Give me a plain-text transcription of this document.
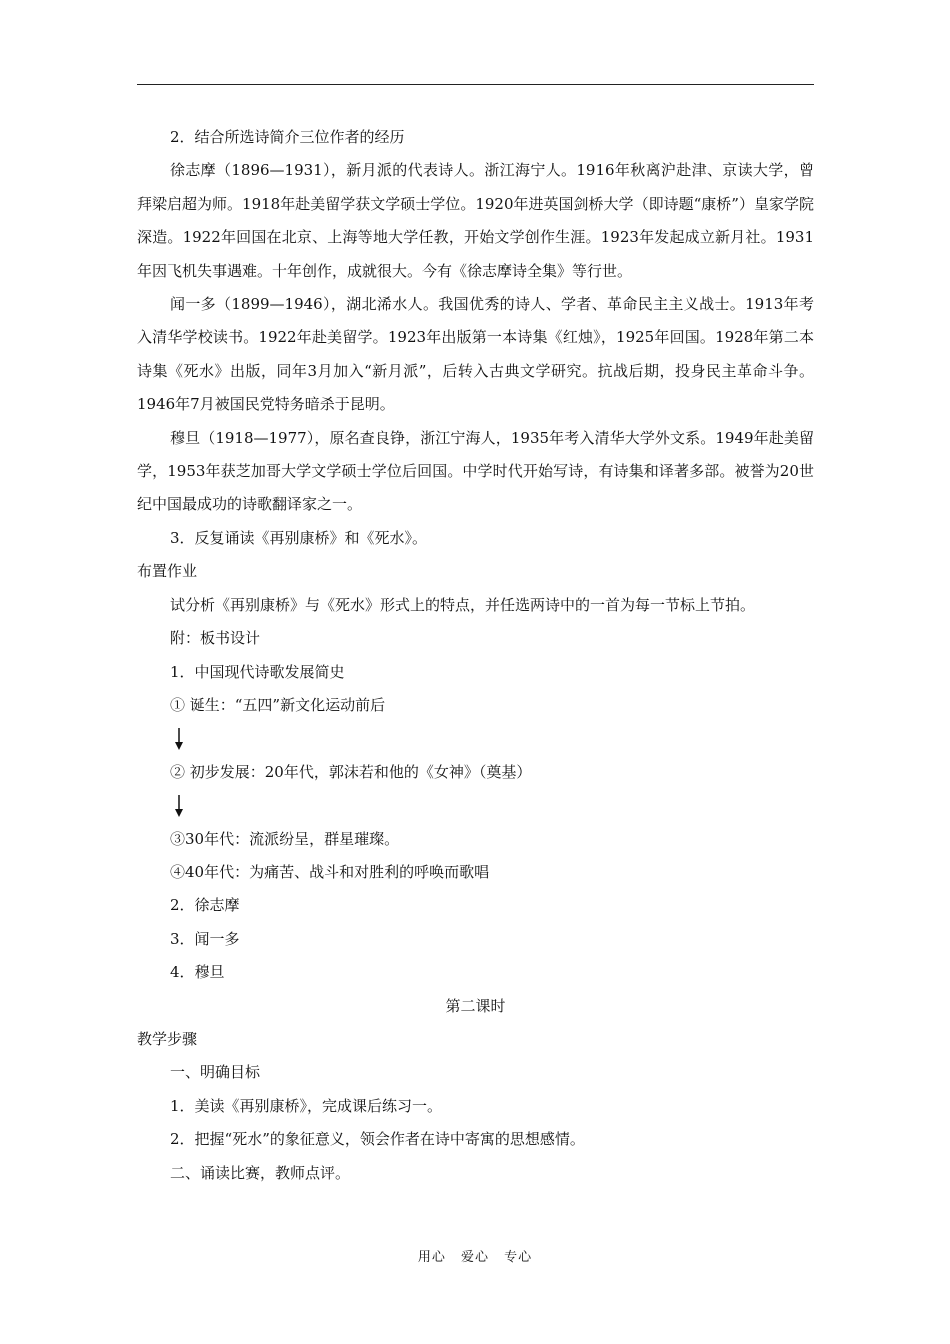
2．结合所选诗简介三位作者的经历

徐志摩（1896—1931），新月派的代表诗人。浙江海宁人。1916年秋离沪赴津、京读大学，曾拜梁启超为师。1918年赴美留学获文学硕士学位。1920年进英国剑桥大学（即诗题“康桥”）皇家学院深造。1922年回国在北京、上海等地大学任教，开始文学创作生涯。1923年发起成立新月社。1931年因飞机失事遇难。十年创作，成就很大。今有《徐志摩诗全集》等行世。

闻一多（1899—1946），湖北浠水人。我国优秀的诗人、学者、革命民主主义战士。1913年考入清华学校读书。1922年赴美留学。1923年出版第一本诗集《红烛》，1925年回国。1928年第二本诗集《死水》出版，同年3月加入“新月派”，后转入古典文学研究。抗战后期，投身民主革命斗争。1946年7月被国民党特务暗杀于昆明。

穆旦（1918—1977），原名查良铮，浙江宁海人，1935年考入清华大学外文系。1949年赴美留学，1953年获芝加哥大学文学硕士学位后回国。中学时代开始写诗，有诗集和译著多部。被誉为20世纪中国最成功的诗歌翻译家之一。

3．反复诵读《再别康桥》和《死水》。

布置作业

试分析《再别康桥》与《死水》形式上的特点，并任选两诗中的一首为每一节标上节拍。

附：板书设计

1．中国现代诗歌发展简史

① 诞生：“五四”新文化运动前后

② 初步发展：20年代，郭沫若和他的《女神》（奠基）

③30年代：流派纷呈，群星璀璨。

④40年代：为痛苦、战斗和对胜利的呼唤而歌唱

2．徐志摩

3．闻一多

4．穆旦

第二课时

教学步骤

一、明确目标

1．美读《再别康桥》，完成课后练习一。

2．把握“死水”的象征意义，领会作者在诗中寄寓的思想感情。

二、诵读比赛，教师点评。

用心 爱心 专心
